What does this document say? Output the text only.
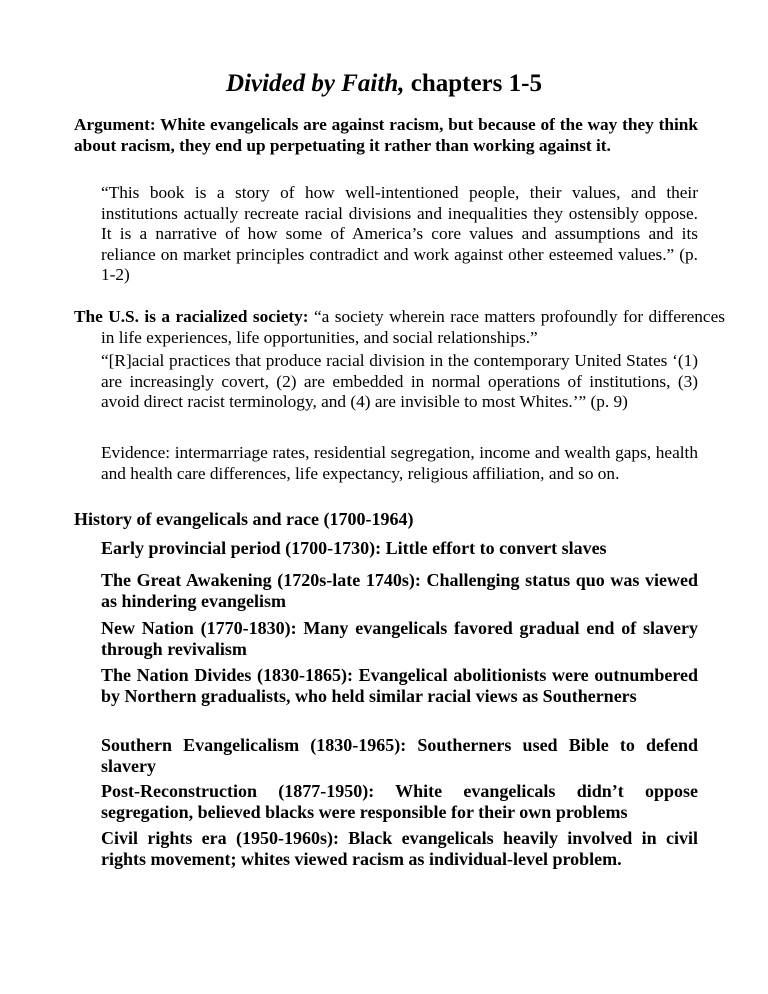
Divided by Faith, chapters 1-5
Argument: White evangelicals are against racism, but because of the way they think about racism, they end up perpetuating it rather than working against it.
“This book is a story of how well-intentioned people, their values, and their institutions actually recreate racial divisions and inequalities they ostensibly oppose. It is a narrative of how some of America’s core values and assumptions and its reliance on market principles contradict and work against other esteemed values.” (p. 1-2)
The U.S. is a racialized society: “a society wherein race matters profoundly for differences in life experiences, life opportunities, and social relationships.”
“[R]acial practices that produce racial division in the contemporary United States ‘(1) are increasingly covert, (2) are embedded in normal operations of institutions, (3) avoid direct racist terminology, and (4) are invisible to most Whites.’” (p. 9)
Evidence: intermarriage rates, residential segregation, income and wealth gaps, health and health care differences, life expectancy, religious affiliation, and so on.
History of evangelicals and race (1700-1964)
Early provincial period (1700-1730): Little effort to convert slaves
The Great Awakening (1720s-late 1740s): Challenging status quo was viewed as hindering evangelism
New Nation (1770-1830): Many evangelicals favored gradual end of slavery through revivalism
The Nation Divides (1830-1865): Evangelical abolitionists were outnumbered by Northern gradualists, who held similar racial views as Southerners
Southern Evangelicalism (1830-1965): Southerners used Bible to defend slavery
Post-Reconstruction (1877-1950): White evangelicals didn’t oppose segregation, believed blacks were responsible for their own problems
Civil rights era (1950-1960s): Black evangelicals heavily involved in civil rights movement; whites viewed racism as individual-level problem.
